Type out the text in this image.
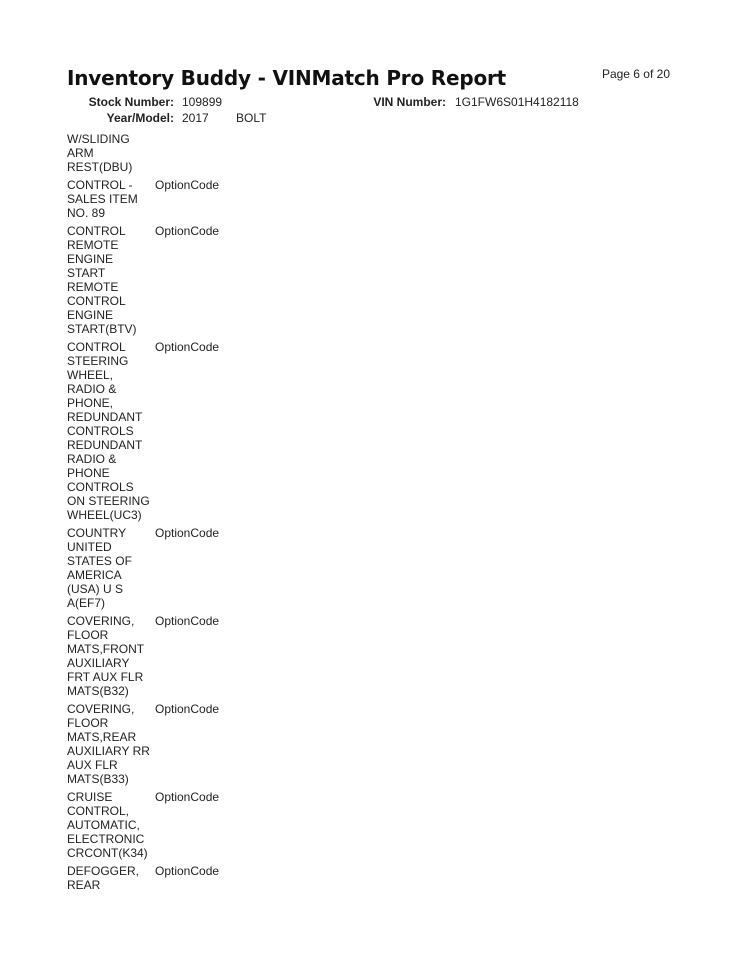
Inventory Buddy - VINMatch Pro Report	Page 6 of 20
Stock Number: 109899	VIN Number: 1G1FW6S01H4182118
Year/Model: 2017 BOLT
W/SLIDING
ARM
REST(DBU)
CONTROL -
SALES ITEM
NO. 89
OptionCode
CONTROL
REMOTE
ENGINE
START
REMOTE
CONTROL
ENGINE
START(BTV)
OptionCode
CONTROL
STEERING
WHEEL,
RADIO &
PHONE,
REDUNDANT
CONTROLS
REDUNDANT
RADIO &
PHONE
CONTROLS
ON STEERING
WHEEL(UC3)
OptionCode
COUNTRY
UNITED
STATES OF
AMERICA
(USA) U S
A(EF7)
OptionCode
COVERING,
FLOOR
MATS,FRONT
AUXILIARY
FRT AUX FLR
MATS(B32)
OptionCode
COVERING,
FLOOR
MATS,REAR
AUXILIARY RR
AUX FLR
MATS(B33)
OptionCode
CRUISE
CONTROL,
AUTOMATIC,
ELECTRONIC
CRCONT(K34)
OptionCode
DEFOGGER,
REAR
OptionCode
